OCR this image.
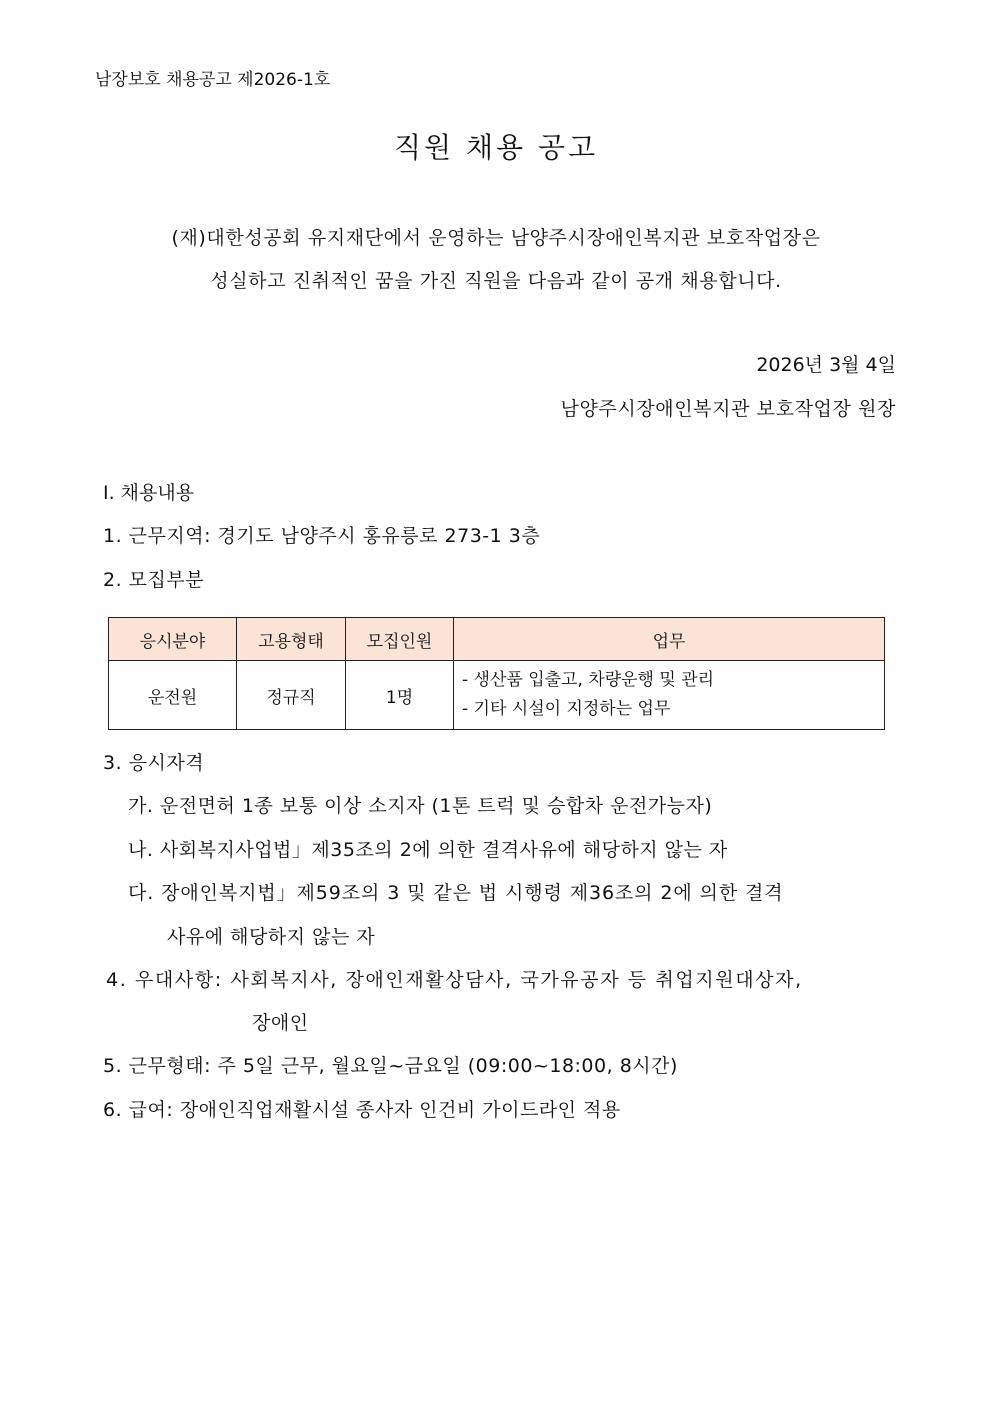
남장보호 채용공고 제2026-1호
직원 채용 공고
(재)대한성공회 유지재단에서 운영하는 남양주시장애인복지관 보호작업장은
성실하고 진취적인 꿈을 가진 직원을 다음과 같이 공개 채용합니다.
2026년 3월 4일
남양주시장애인복지관 보호작업장 원장
Ⅰ. 채용내용
1. 근무지역: 경기도 남양주시 홍유릉로 273-1 3층
2. 모집부분
응시분야	고용형태	모집인원	업무
운전원	정규직	1명	- 생산품 입출고, 차량운행 및 관리
- 기타 시설이 지정하는 업무
3. 응시자격
가. 운전면허 1종 보통 이상 소지자 (1톤 트럭 및 승합차 운전가능자)
나. 사회복지사업법」제35조의 2에 의한 결격사유에 해당하지 않는 자
다. 장애인복지법」제59조의 3 및 같은 법 시행령 제36조의 2에 의한 결격
사유에 해당하지 않는 자
4. 우대사항: 사회복지사, 장애인재활상담사, 국가유공자 등 취업지원대상자,
장애인
5. 근무형태: 주 5일 근무, 월요일~금요일 (09:00~18:00, 8시간)
6. 급여: 장애인직업재활시설 종사자 인건비 가이드라인 적용
